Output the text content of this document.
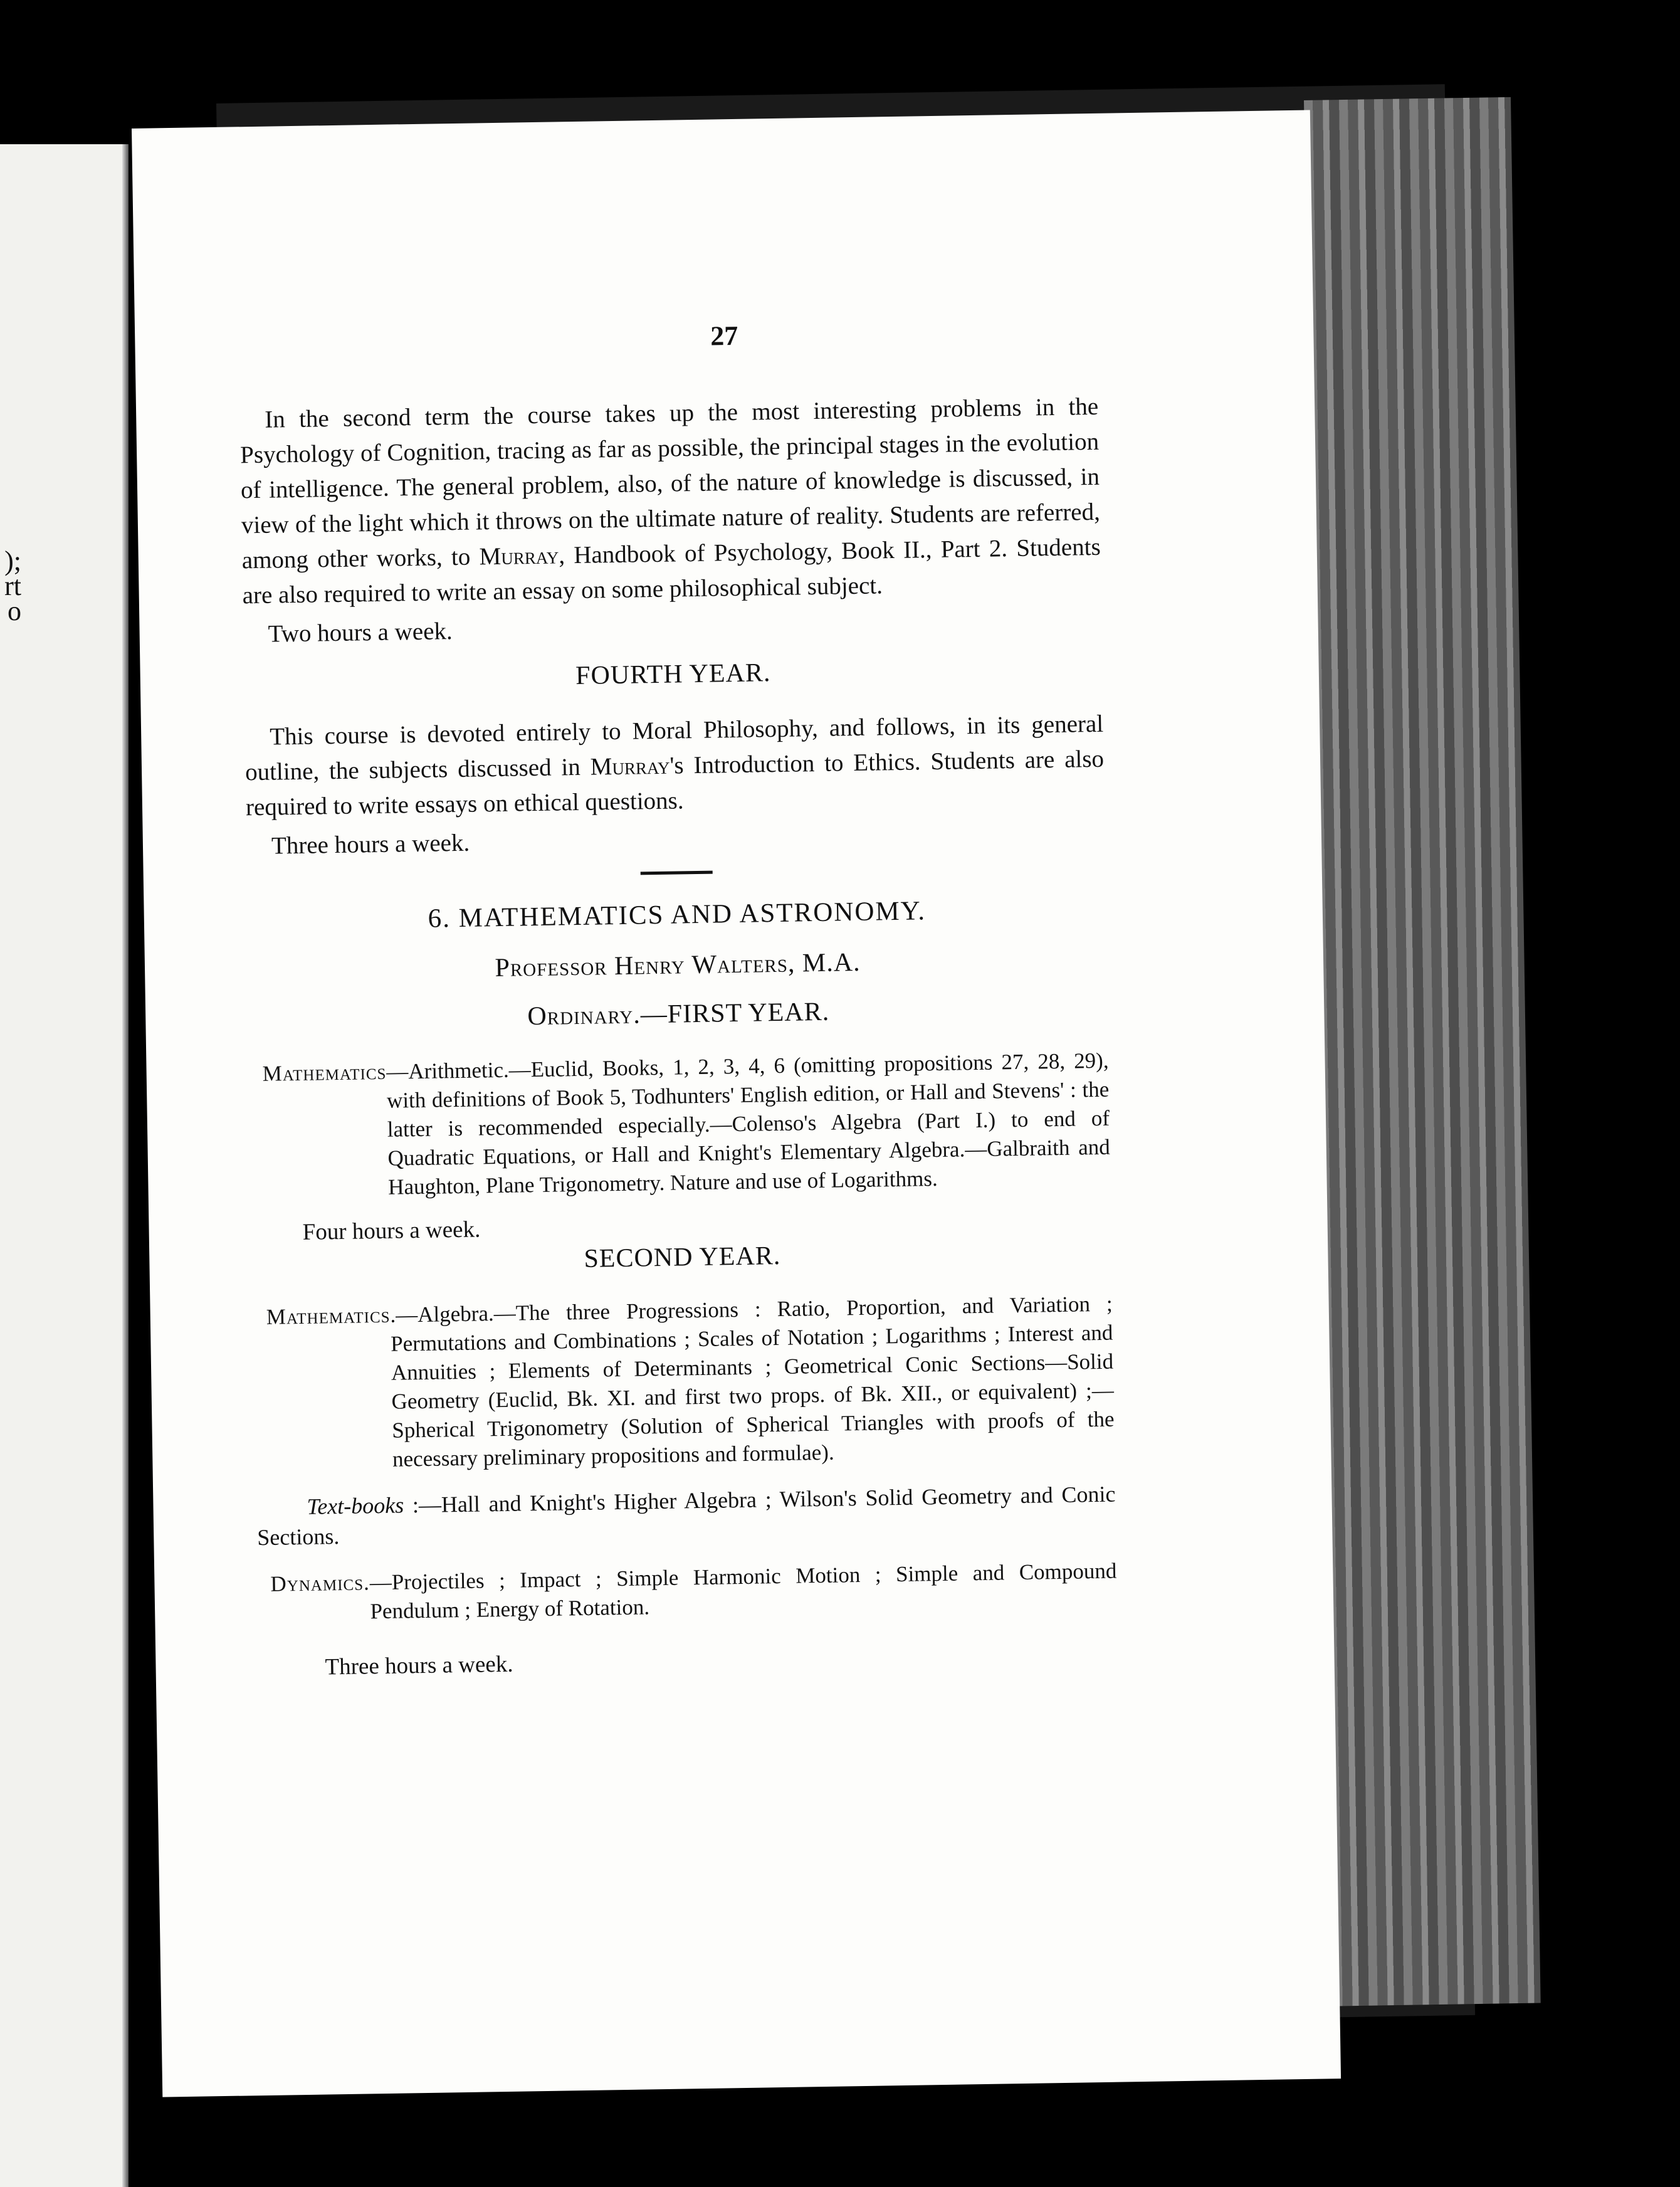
);
rt
o
27

In the second term the course takes up the most interesting problems in the Psychology of Cognition, tracing as far as possible, the principal stages in the evolution of intelligence. The general problem, also, of the nature of knowledge is discussed, in view of the light which it throws on the ultimate nature of reality. Students are referred, among other works, to Murray, Handbook of Psychology, Book II., Part 2. Students are also required to write an essay on some philosophical subject.

Two hours a week.

FOURTH YEAR.

This course is devoted entirely to Moral Philosophy, and follows, in its general outline, the subjects discussed in Murray's Introduction to Ethics. Students are also required to write essays on ethical questions.

Three hours a week.

6. MATHEMATICS AND ASTRONOMY.
Professor Henry Walters, M.A.
Ordinary.—FIRST YEAR.
Mathematics —Arithmetic.—Euclid, Books, 1, 2, 3, 4, 6 (omitting propositions 27, 28, 29), with definitions of Book 5, Todhunters' English edition, or Hall and Stevens' : the latter is recommended especially.—Colenso's Algebra (Part I.) to end of Quadratic Equations, or Hall and Knight's Elementary Algebra.—Galbraith and Haughton, Plane Trigonometry. Nature and use of Logarithms.

Four hours a week.

SECOND YEAR.
Mathematics .—Algebra.—The three Progressions : Ratio, Proportion, and Variation ; Permutations and Combinations ; Scales of Notation ; Logarithms ; Interest and Annuities ; Elements of Determinants ; Geometrical Conic Sections—Solid Geometry (Euclid, Bk. XI. and first two props. of Bk. XII., or equivalent) ;—Spherical Trigonometry (Solution of Spherical Triangles with proofs of the necessary preliminary propositions and formulae).

Text-books :—Hall and Knight's Higher Algebra ; Wilson's Solid Geometry and Conic Sections.

Dynamics. —Projectiles ; Impact ; Simple Harmonic Motion ; Simple and Compound Pendulum ; Energy of Rotation.

Three hours a week.
